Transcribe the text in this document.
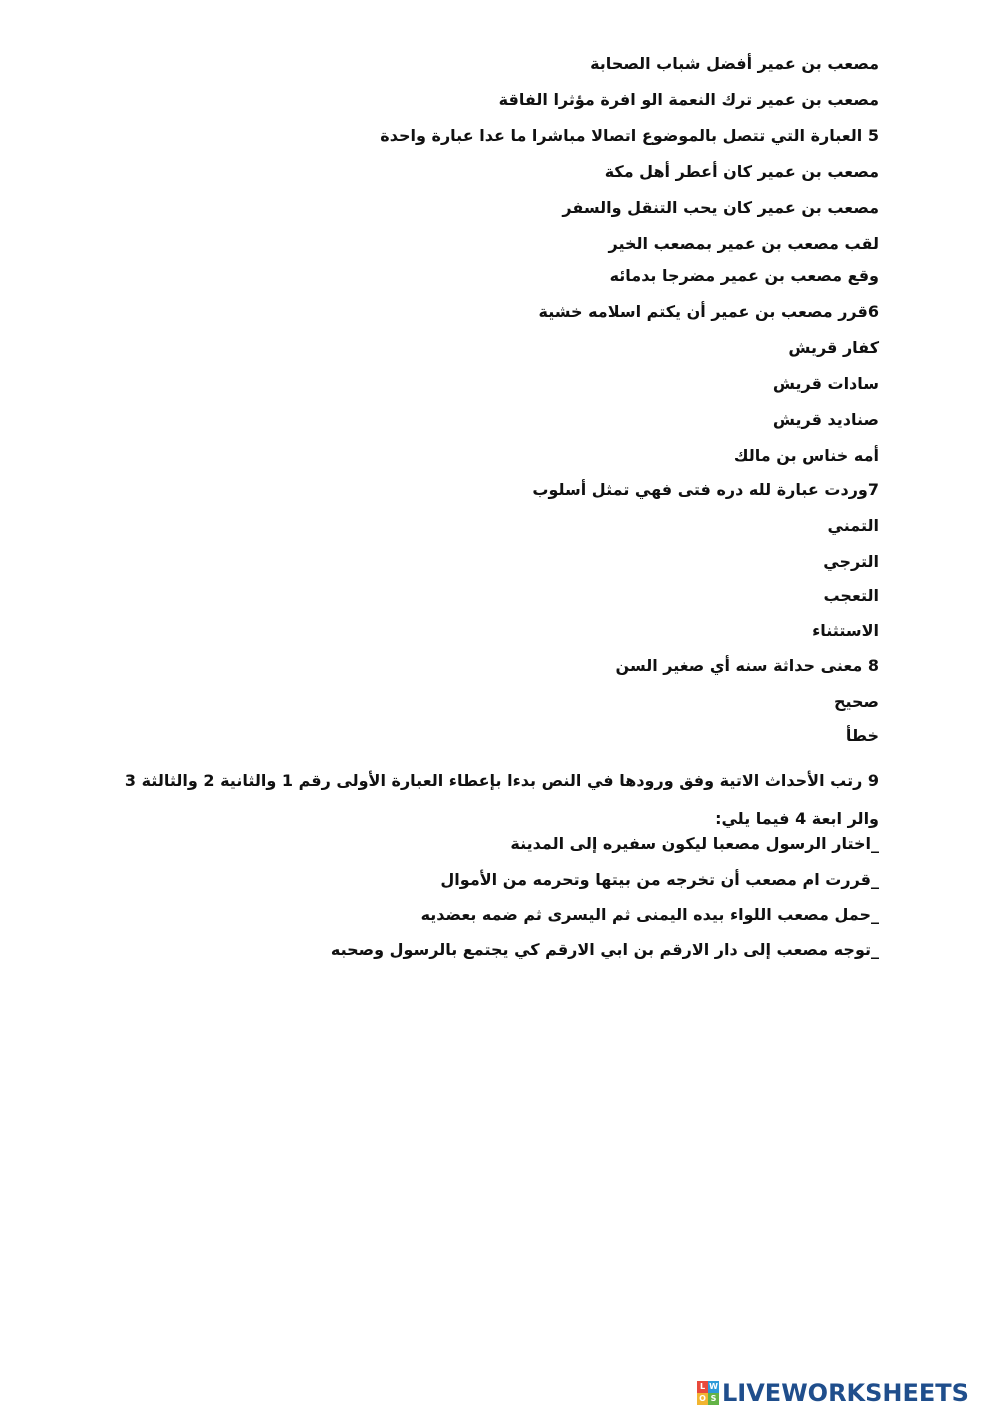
مصعب بن عمير أفضل شباب الصحابة
مصعب بن عمير ترك النعمة الو افرة مؤثرا الفاقة
5 العبارة التي تتصل بالموضوع اتصالا مباشرا ما عدا عبارة واحدة
مصعب بن عمير كان أعطر أهل مكة
مصعب بن عمير كان يحب التنقل والسفر
لقب مصعب بن عمير بمصعب الخير
وقع مصعب بن عمير مضرجا بدمائه
6قرر مصعب بن عمير أن يكتم اسلامه خشية
كفار قريش
سادات قريش
صناديد قريش
أمه خناس بن مالك
7وردت عبارة لله دره فتى فهي تمثل أسلوب
التمني
الترجي
التعجب
الاستثناء
8 معنى حداثة سنه أي صغير السن
صحيح
خطأ
9 رتب الأحداث الاتية وفق ورودها في النص بدءا بإعطاء العبارة الأولى رقم 1 والثانية 2 والثالثة 3 والر ابعة 4 فيما يلي:
_اختار الرسول مصعبا ليكون سفيره إلى المدينة
_قررت ام مصعب أن تخرجه من بيتها وتحرمه من الأموال
_حمل مصعب اللواء بيده اليمنى ثم اليسرى ثم ضمه بعضديه
_توجه مصعب إلى دار الارقم بن ابي الارقم كي يجتمع بالرسول وصحبه
L W
O S LIVEWORKSHEETS
